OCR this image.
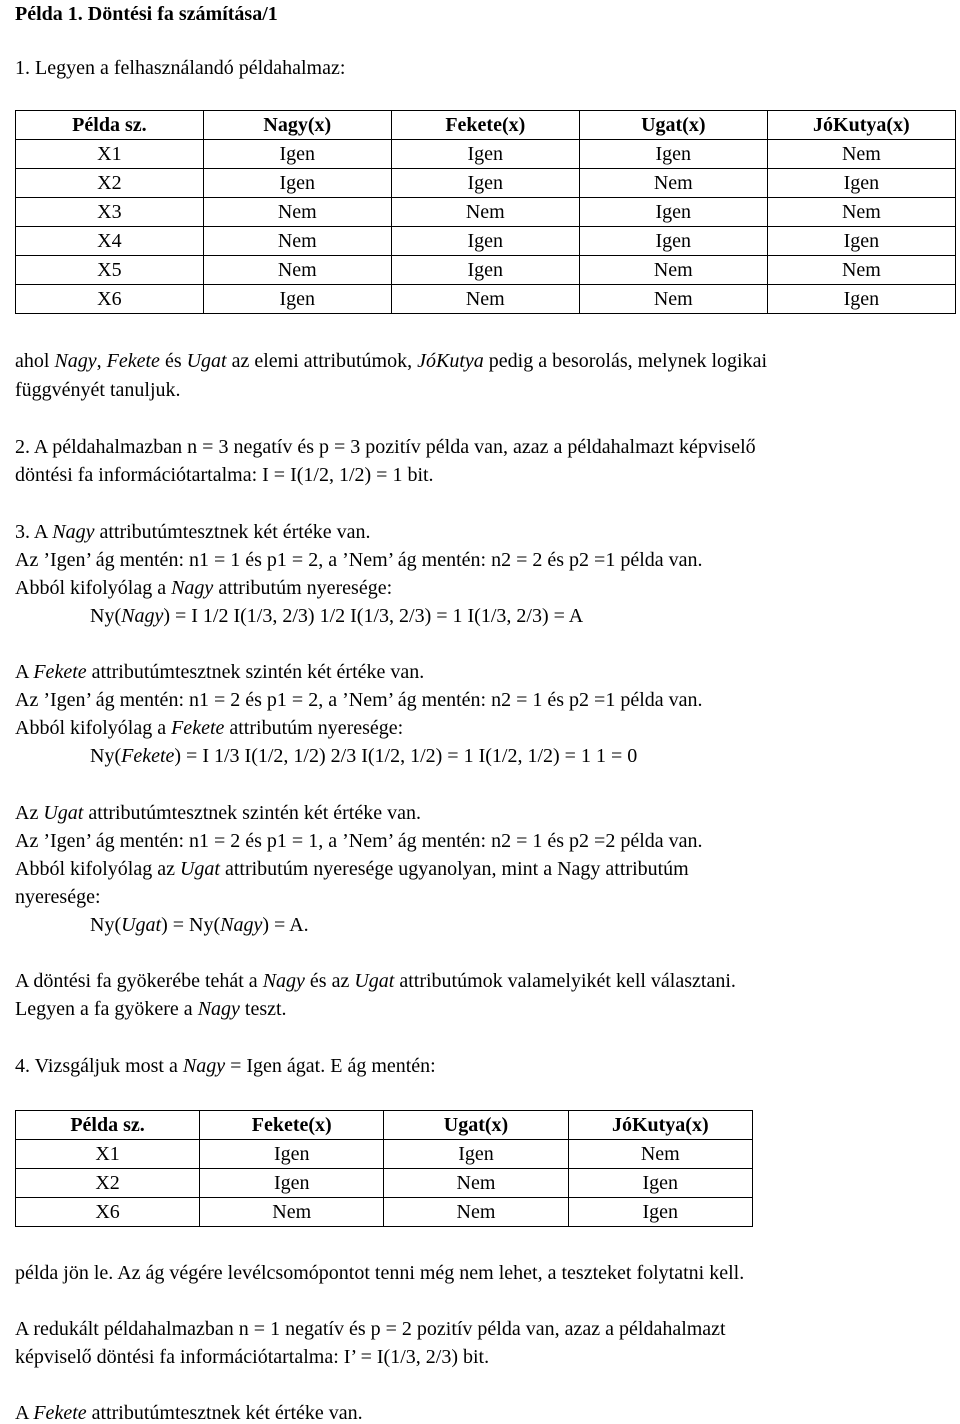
Példa 1. Döntési fa számítása/1
1. Legyen a felhasználandó példahalmaz:
Példa sz.	Nagy(x)	Fekete(x)	Ugat(x)	JóKutya(x)
X1	Igen	Igen	Igen	Nem
X2	Igen	Igen	Nem	Igen
X3	Nem	Nem	Igen	Nem
X4	Nem	Igen	Igen	Igen
X5	Nem	Igen	Nem	Nem
X6	Igen	Nem	Nem	Igen
ahol Nagy, Fekete és Ugat az elemi attributúmok, JóKutya pedig a besorolás, melynek logikai
függvényét tanuljuk.
2. A példahalmazban n = 3 negatív és p = 3 pozitív példa van, azaz a példahalmazt képviselő
döntési fa információtartalma: I = I(1/2, 1/2) = 1 bit.
3. A Nagy attributúmtesztnek két értéke van.
Az ’Igen’ ág mentén: n1 = 1 és p1 = 2, a ’Nem’ ág mentén: n2 = 2 és p2 =1 példa van.
Abból kifolyólag a Nagy attributúm nyeresége:
Ny(Nagy) = I 1/2 I(1/3, 2/3) 1/2 I(1/3, 2/3) = 1 I(1/3, 2/3) = A
A Fekete attributúmtesztnek szintén két értéke van.
Az ’Igen’ ág mentén: n1 = 2 és p1 = 2, a ’Nem’ ág mentén: n2 = 1 és p2 =1 példa van.
Abból kifolyólag a Fekete attributúm nyeresége:
Ny(Fekete) = I 1/3 I(1/2, 1/2) 2/3 I(1/2, 1/2) = 1 I(1/2, 1/2) = 1 1 = 0
Az Ugat attributúmtesztnek szintén két értéke van.
Az ’Igen’ ág mentén: n1 = 2 és p1 = 1, a ’Nem’ ág mentén: n2 = 1 és p2 =2 példa van.
Abból kifolyólag az Ugat attributúm nyeresége ugyanolyan, mint a Nagy attributúm
nyeresége:
Ny(Ugat) = Ny(Nagy) = A.
A döntési fa gyökerébe tehát a Nagy és az Ugat attributúmok valamelyikét kell választani.
Legyen a fa gyökere a Nagy teszt.
4. Vizsgáljuk most a Nagy = Igen ágat. E ág mentén:
Példa sz.	Fekete(x)	Ugat(x)	JóKutya(x)
X1	Igen	Igen	Nem
X2	Igen	Nem	Igen
X6	Nem	Nem	Igen
példa jön le. Az ág végére levélcsomópontot tenni még nem lehet, a teszteket folytatni kell.
A redukált példahalmazban n = 1 negatív és p = 2 pozitív példa van, azaz a példahalmazt
képviselő döntési fa információtartalma: I’ = I(1/3, 2/3) bit.
A Fekete attributúmtesztnek két értéke van.
